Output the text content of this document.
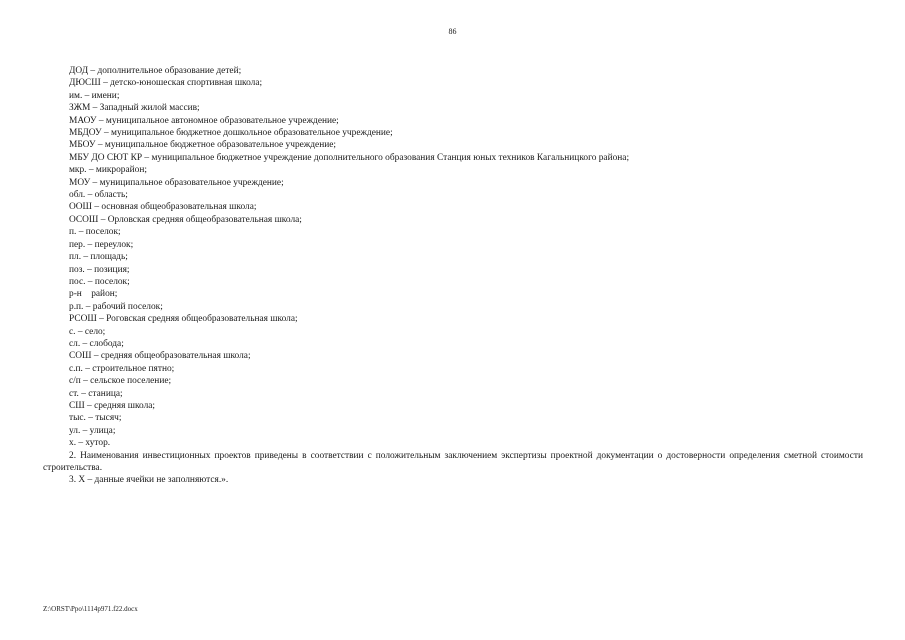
86
ДОД – дополнительное образование детей;
ДЮСШ – детско-юношеская спортивная школа;
им. – имени;
ЗЖМ – Западный жилой массив;
МАОУ – муниципальное автономное образовательное учреждение;
МБДОУ – муниципальное бюджетное дошкольное образовательное учреждение;
МБОУ – муниципальное бюджетное образовательное учреждение;
МБУ ДО СЮТ КР – муниципальное бюджетное учреждение дополнительного образования Станция юных техников Кагальницкого района;
мкр. – микрорайон;
МОУ – муниципальное образовательное учреждение;
обл. – область;
ООШ – основная общеобразовательная школа;
ОСОШ – Орловская средняя общеобразовательная школа;
п. – поселок;
пер. – переулок;
пл. – площадь;
поз. – позиция;
пос. – поселок;
р-н    район;
р.п. – рабочий поселок;
РСОШ – Роговская средняя общеобразовательная школа;
с. – село;
сл. – слобода;
СОШ – средняя общеобразовательная школа;
с.п. – строительное пятно;
с/п – сельское поселение;
ст. – станица;
СШ – средняя школа;
тыс. – тысяч;
ул. – улица;
х. – хутор.

2. Наименования инвестиционных проектов приведены в соответствии с положительным заключением экспертизы проектной документации о достоверности определения сметной стоимости строительства.

3. Х – данные ячейки не заполняются.».

Z:\ORST\Ppo\1114p971.f22.docx
